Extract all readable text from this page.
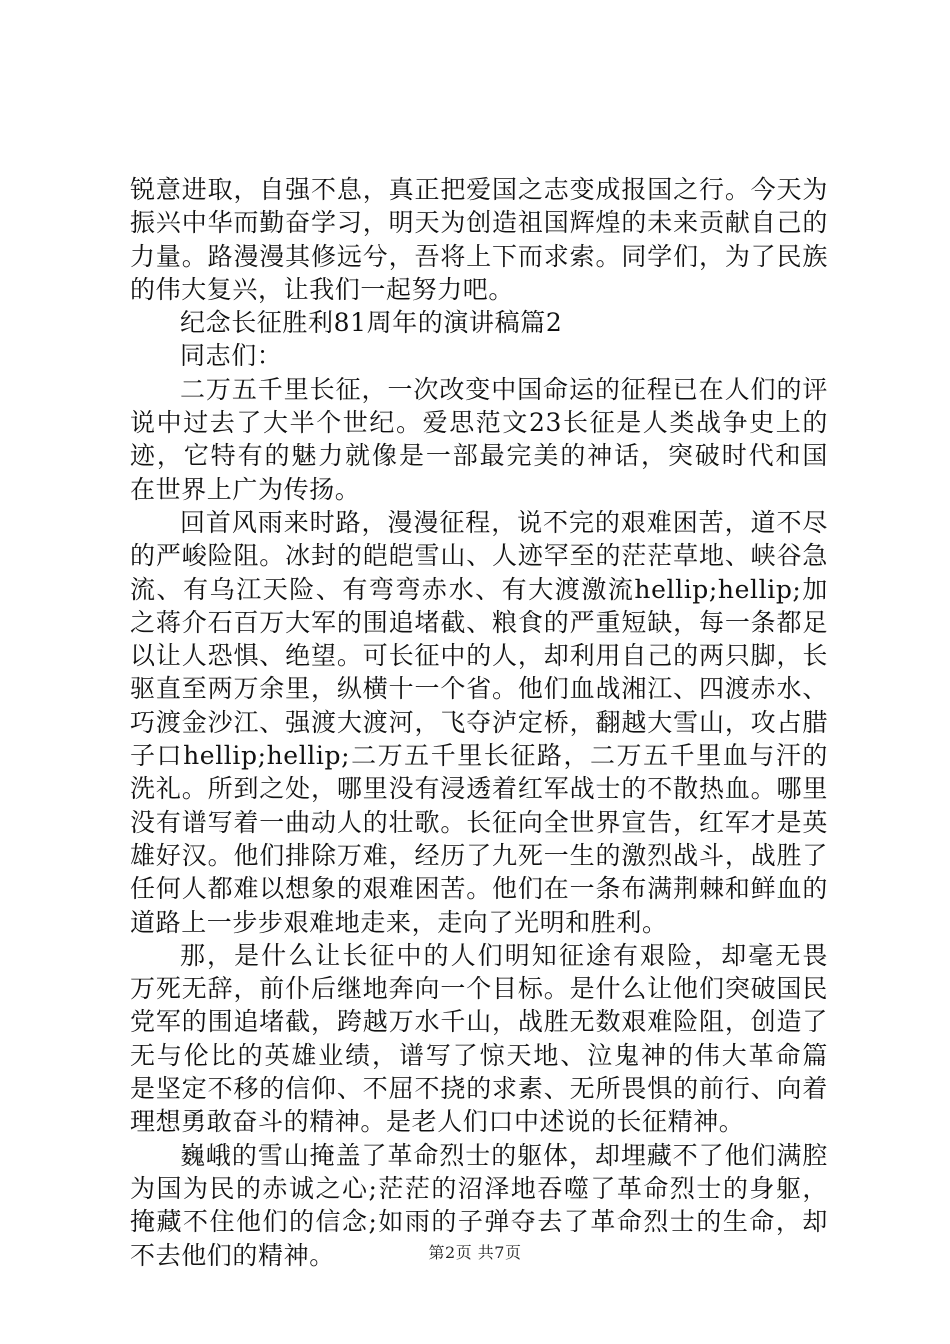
锐意进取，自强不息，真正把爱国之志变成报国之行。今天为
振兴中华而勤奋学习，明天为创造祖国辉煌的未来贡献自己的
力量。路漫漫其修远兮，吾将上下而求索。同学们，为了民族
的伟大复兴，让我们一起努力吧。
纪念长征胜利81周年的演讲稿篇2
同志们：
二万五千里长征，一次改变中国命运的征程已在人们的评
说中过去了大半个世纪。爱思范文23长征是人类战争史上的
迹，它特有的魅力就像是一部最完美的神话，突破时代和国
在世界上广为传扬。
回首风雨来时路，漫漫征程，说不完的艰难困苦，道不尽
的严峻险阻。冰封的皑皑雪山、人迹罕至的茫茫草地、峡谷急
流、有乌江天险、有弯弯赤水、有大渡激流hellip;hellip;加
之蒋介石百万大军的围追堵截、粮食的严重短缺，每一条都足
以让人恐惧、绝望。可长征中的人，却利用自己的两只脚，长
驱直至两万余里，纵横十一个省。他们血战湘江、四渡赤水、
巧渡金沙江、强渡大渡河，飞夺泸定桥，翻越大雪山，攻占腊
子口hellip;hellip;二万五千里长征路，二万五千里血与汗的
洗礼。所到之处，哪里没有浸透着红军战士的不散热血。哪里
没有谱写着一曲动人的壮歌。长征向全世界宣告，红军才是英
雄好汉。他们排除万难，经历了九死一生的激烈战斗，战胜了
任何人都难以想象的艰难困苦。他们在一条布满荆棘和鲜血的
道路上一步步艰难地走来，走向了光明和胜利。
那，是什么让长征中的人们明知征途有艰险，却毫无畏
万死无辞，前仆后继地奔向一个目标。是什么让他们突破国民
党军的围追堵截，跨越万水千山，战胜无数艰难险阻，创造了
无与伦比的英雄业绩，谱写了惊天地、泣鬼神的伟大革命篇
是坚定不移的信仰、不屈不挠的求素、无所畏惧的前行、向着
理想勇敢奋斗的精神。是老人们口中述说的长征精神。
巍峨的雪山掩盖了革命烈士的躯体，却埋藏不了他们满腔
为国为民的赤诚之心;茫茫的沼泽地吞噬了革命烈士的身躯，
掩藏不住他们的信念;如雨的子弹夺去了革命烈士的生命，却
不去他们的精神。	第2页 共7页
